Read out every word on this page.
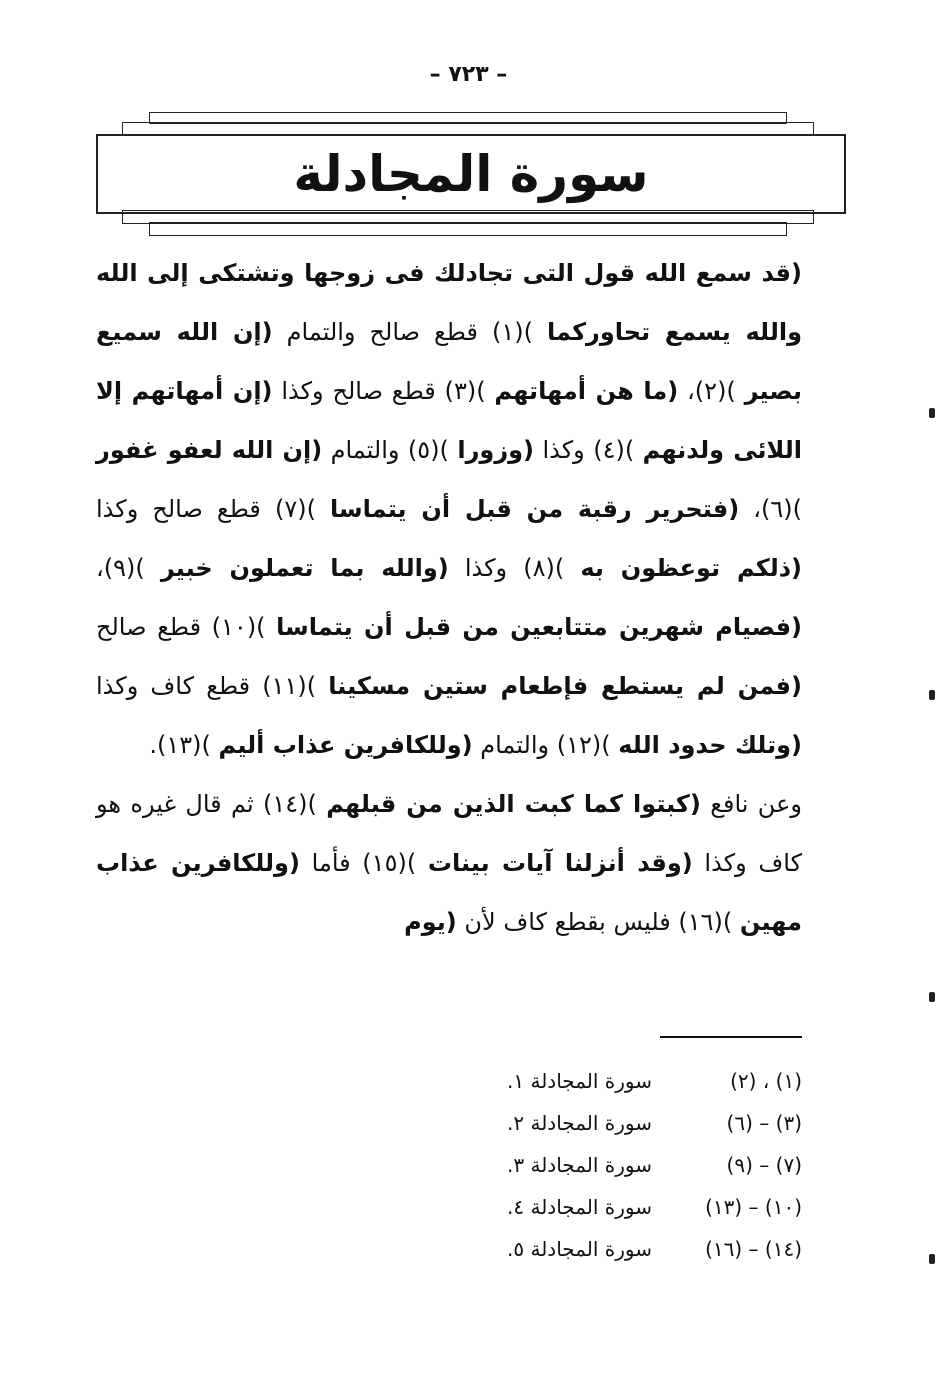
– ٧٢٣ –
سورة المجادلة

(قد سمع الله قول التى تجادلك فى زوجها وتشتكى إلى الله والله يسمع تحاوركما )(١) قطع صالح والتمام (إن الله سميع بصير )(٢)، (ما هن أمهاتهم )(٣) قطع صالح وكذا (إن أمهاتهم إلا اللائى ولدنهم )(٤) وكذا (وزورا )(٥) والتمام (إن الله لعفو غفور )(٦)، (فتحرير رقبة من قبل أن يتماسا )(٧) قطع صالح وكذا (ذلكم توعظون به )(٨) وكذا (والله بما تعملون خبير )(٩)، (فصيام شهرين متتابعين من قبل أن يتماسا )(١٠) قطع صالح (فمن لم يستطع فإطعام ستين مسكينا )(١١) قطع كاف وكذا (وتلك حدود الله )(١٢) والتمام (وللكافرين عذاب أليم )(١٣).

وعن نافع (كبتوا كما كبت الذين من قبلهم )(١٤) ثم قال غيره هو كاف وكذا (وقد أنزلنا آيات بينات )(١٥) فأما (وللكافرين عذاب مهين )(١٦) فليس بقطع كاف لأن (يوم

(١) ، (٢)سورة المجادلة ١.
(٣) – (٦)سورة المجادلة ٢.
(٧) – (٩)سورة المجادلة ٣.
(١٠) – (١٣)سورة المجادلة ٤.
(١٤) – (١٦)سورة المجادلة ٥.
